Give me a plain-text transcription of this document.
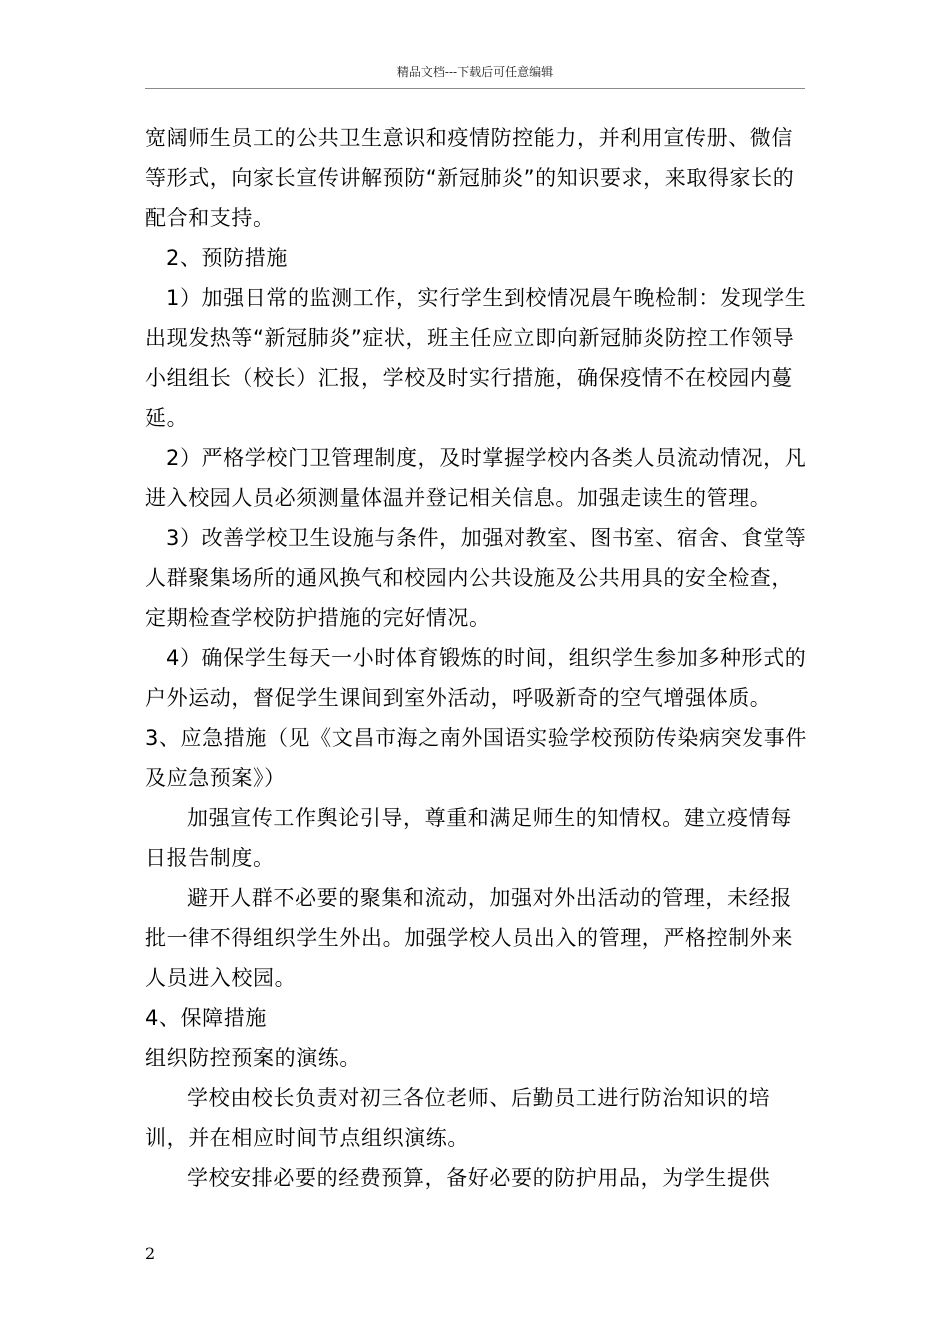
精品文档---下载后可任意编辑

宽阔师生员工的公共卫生意识和疫情防控能力，并利用宣传册、微信等形式，向家长宣传讲解预防“新冠肺炎”的知识要求，来取得家长的配合和支持。

2、预防措施

1）加强日常的监测工作，实行学生到校情况晨午晚检制：发现学生出现发热等“新冠肺炎”症状，班主任应立即向新冠肺炎防控工作领导小组组长（校长）汇报，学校及时实行措施，确保疫情不在校园内蔓延。

2）严格学校门卫管理制度，及时掌握学校内各类人员流动情况，凡进入校园人员必须测量体温并登记相关信息。加强走读生的管理。

3）改善学校卫生设施与条件，加强对教室、图书室、宿舍、食堂等人群聚集场所的通风换气和校园内公共设施及公共用具的安全检查，定期检查学校防护措施的完好情况。

4）确保学生每天一小时体育锻炼的时间，组织学生参加多种形式的户外运动，督促学生课间到室外活动，呼吸新奇的空气增强体质。

3、应急措施（见《文昌市海之南外国语实验学校预防传染病突发事件及应急预案》）

加强宣传工作舆论引导，尊重和满足师生的知情权。建立疫情每日报告制度。

避开人群不必要的聚集和流动，加强对外出活动的管理，未经报批一律不得组织学生外出。加强学校人员出入的管理，严格控制外来人员进入校园。

4、保障措施

组织防控预案的演练。

学校由校长负责对初三各位老师、后勤员工进行防治知识的培训，并在相应时间节点组织演练。

学校安排必要的经费预算，备好必要的防护用品，为学生提供

2
